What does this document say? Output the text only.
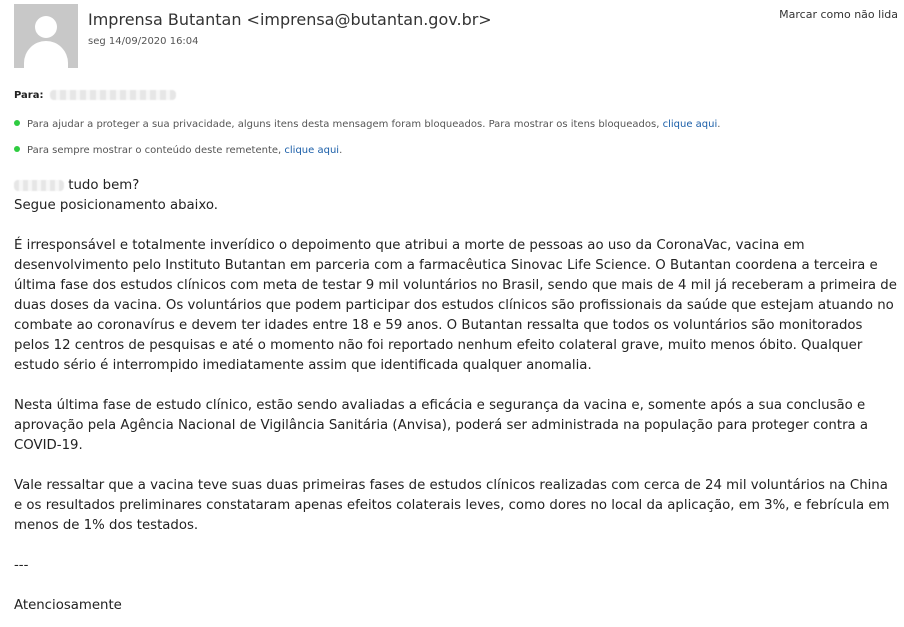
Imprensa Butantan <imprensa@butantan.gov.br>
seg 14/09/2020 16:04
Marcar como não lida
Para:
Para ajudar a proteger a sua privacidade, alguns itens desta mensagem foram bloqueados. Para mostrar os itens bloqueados, clique aqui.
Para sempre mostrar o conteúdo deste remetente, clique aqui.

tudo bem?

Segue posicionamento abaixo.

É irresponsável e totalmente inverídico o depoimento que atribui a morte de pessoas ao uso da CoronaVac, vacina em desenvolvimento pelo Instituto Butantan em parceria com a farmacêutica Sinovac Life Science. O Butantan coordena a terceira e última fase dos estudos clínicos com meta de testar 9 mil voluntários no Brasil, sendo que mais de 4 mil já receberam a primeira de duas doses da vacina. Os voluntários que podem participar dos estudos clínicos são profissionais da saúde que estejam atuando no combate ao coronavírus e devem ter idades entre 18 e 59 anos. O Butantan ressalta que todos os voluntários são monitorados pelos 12 centros de pesquisas e até o momento não foi reportado nenhum efeito colateral grave, muito menos óbito. Qualquer estudo sério é interrompido imediatamente assim que identificada qualquer anomalia.

Nesta última fase de estudo clínico, estão sendo avaliadas a eficácia e segurança da vacina e, somente após a sua conclusão e aprovação pela Agência Nacional de Vigilância Sanitária (Anvisa), poderá ser administrada na população para proteger contra a COVID-19.

Vale ressaltar que a vacina teve suas duas primeiras fases de estudos clínicos realizadas com cerca de 24 mil voluntários na China e os resultados preliminares constataram apenas efeitos colaterais leves, como dores no local da aplicação, em 3%, e febrícula em menos de 1% dos testados.

---

Atenciosamente
